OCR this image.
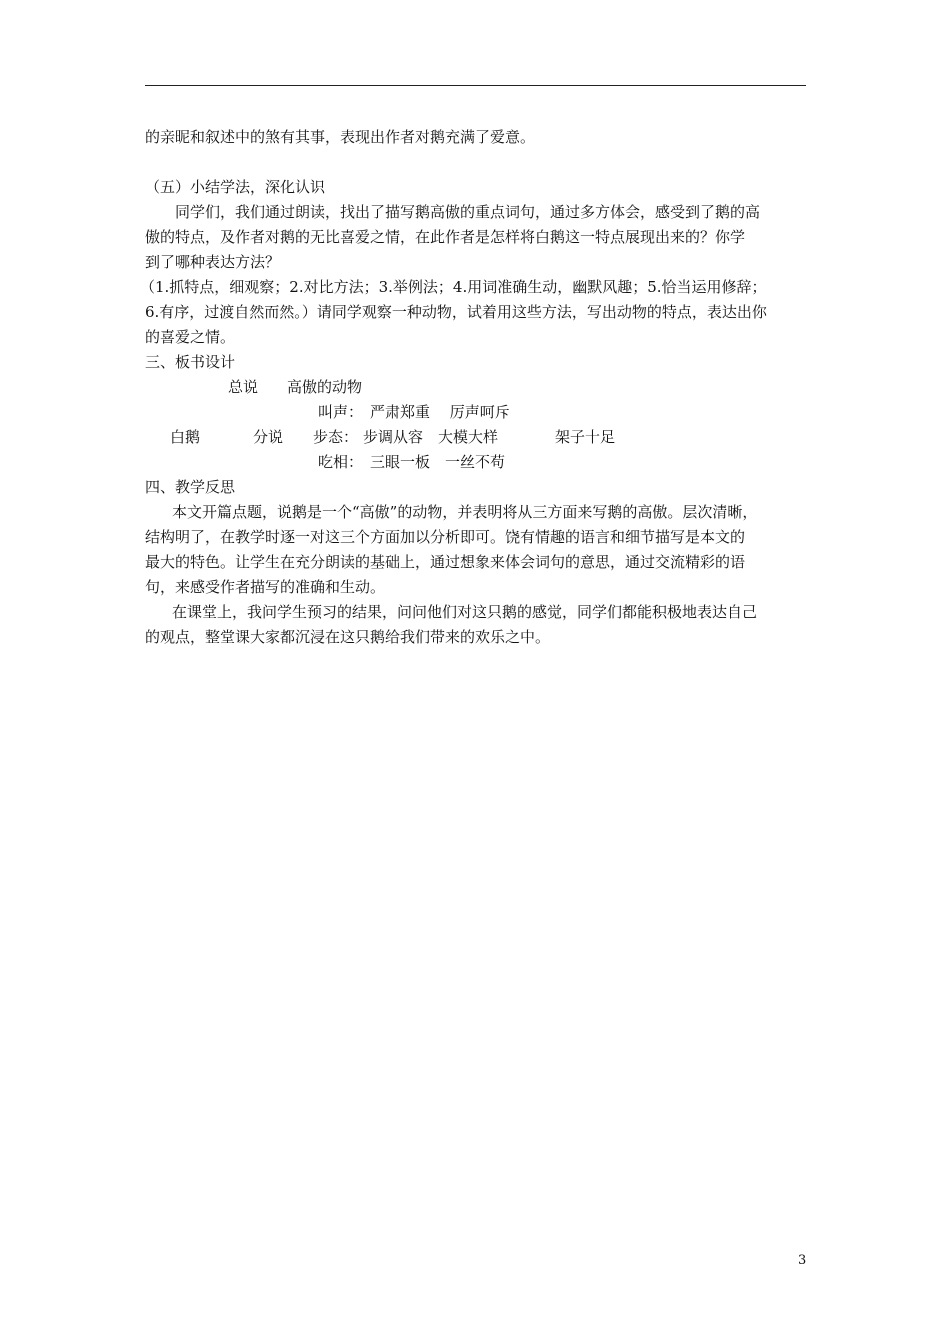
的亲昵和叙述中的煞有其事，表现出作者对鹅充满了爱意。

（五）小结学法，深化认识

同学们，我们通过朗读，找出了描写鹅高傲的重点词句，通过多方体会，感受到了鹅的高

傲的特点，及作者对鹅的无比喜爱之情，在此作者是怎样将白鹅这一特点展现出来的？你学

到了哪种表达方法？

（1.抓特点，细观察；2.对比方法；3.举例法；4.用词准确生动，幽默风趣；5.恰当运用修辞；

6.有序，过渡自然而然。）请同学观察一种动物，试着用这些方法，写出动物的特点，表达出你

的喜爱之情。

三、板书设计

总说 高傲的动物
叫声： 严肃郑重　 厉声呵斥
白鹅	分说 步态： 步调从容　大模大样	架子十足
吃相： 三眼一板　一丝不苟

四、教学反思

本文开篇点题，说鹅是一个“高傲”的动物，并表明将从三方面来写鹅的高傲。层次清晰，

结构明了，在教学时逐一对这三个方面加以分析即可。饶有情趣的语言和细节描写是本文的

最大的特色。让学生在充分朗读的基础上，通过想象来体会词句的意思，通过交流精彩的语

句，来感受作者描写的准确和生动。

在课堂上，我问学生预习的结果，问问他们对这只鹅的感觉，同学们都能积极地表达自己

的观点，整堂课大家都沉浸在这只鹅给我们带来的欢乐之中。

3
